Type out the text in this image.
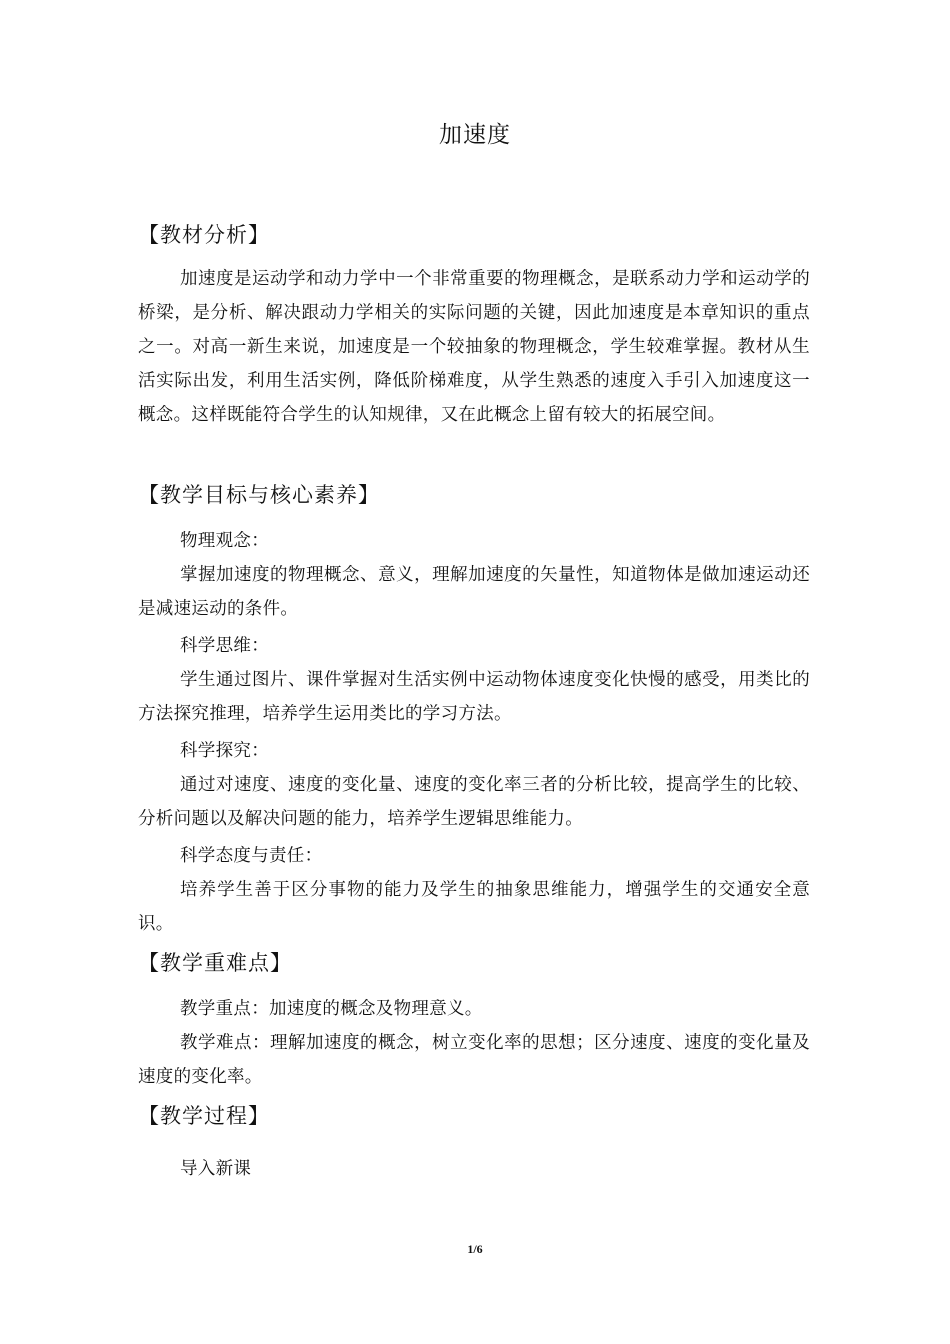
加速度
【教材分析】
加速度是运动学和动力学中一个非常重要的物理概念，是联系动力学和运动学的桥梁，是分析、解决跟动力学相关的实际问题的关键，因此加速度是本章知识的重点之一。对高一新生来说，加速度是一个较抽象的物理概念，学生较难掌握。教材从生活实际出发，利用生活实例，降低阶梯难度，从学生熟悉的速度入手引入加速度这一概念。这样既能符合学生的认知规律，又在此概念上留有较大的拓展空间。
【教学目标与核心素养】
物理观念：
掌握加速度的物理概念、意义，理解加速度的矢量性，知道物体是做加速运动还是减速运动的条件。
科学思维：
学生通过图片、课件掌握对生活实例中运动物体速度变化快慢的感受，用类比的方法探究推理，培养学生运用类比的学习方法。
科学探究：
通过对速度、速度的变化量、速度的变化率三者的分析比较，提高学生的比较、分析问题以及解决问题的能力，培养学生逻辑思维能力。
科学态度与责任：
培养学生善于区分事物的能力及学生的抽象思维能力，增强学生的交通安全意识。
【教学重难点】
教学重点：加速度的概念及物理意义。
教学难点：理解加速度的概念，树立变化率的思想；区分速度、速度的变化量及速度的变化率。
【教学过程】
导入新课
1/6
